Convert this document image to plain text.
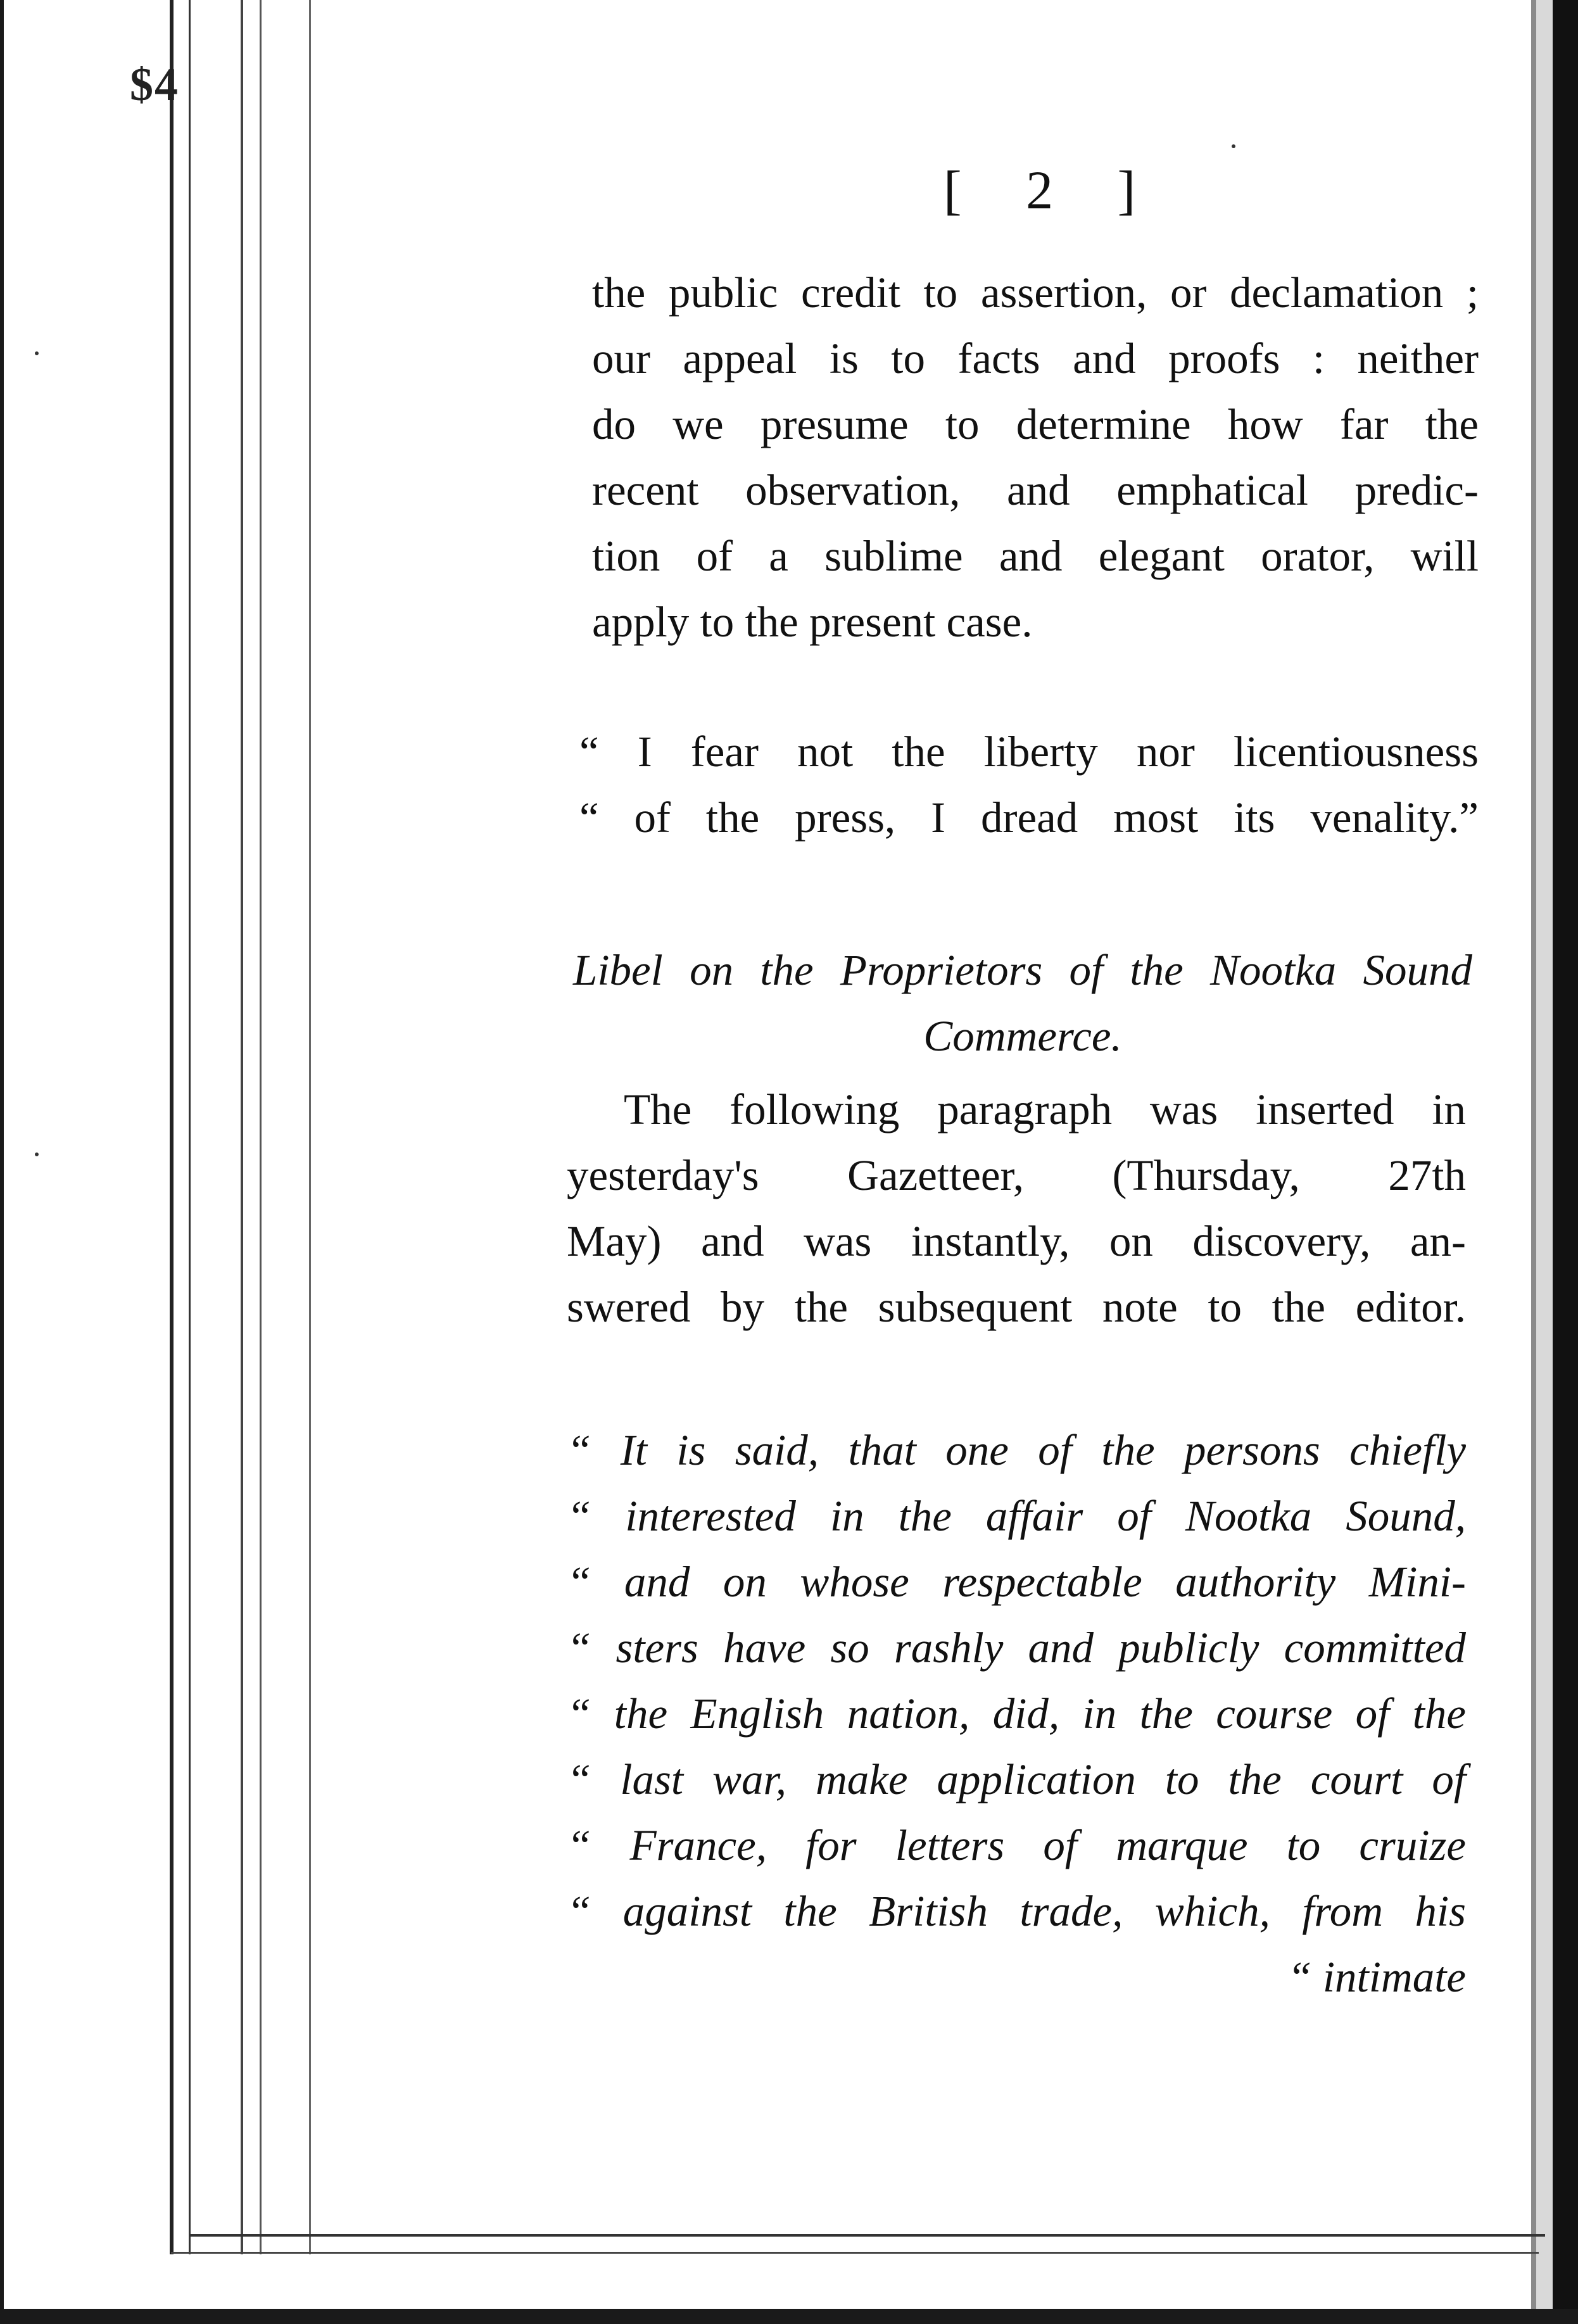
$4
[ 2 ]
the public credit to assertion, or declamation ;
our appeal is to facts and proofs : neither
do we presume to determine how far the
recent observation, and emphatical predic-
tion of a sublime and elegant orator, will
apply to the present case.
“ I fear not the liberty nor licentiousness
“ of the press, I dread most its venality.”
Libel on the Proprietors of the Nootka Sound
Commerce.
The following paragraph was inserted in
yesterday's Gazetteer, (Thursday, 27th
May) and was instantly, on discovery, an-
swered by the subsequent note to the editor.
“ It is said, that one of the persons chiefly
“ interested in the affair of Nootka Sound,
“ and on whose respectable authority Mini-
“ sters have so rashly and publicly committed
“ the English nation, did, in the course of the
“ last war, make application to the court of
“ France, for letters of marque to cruize
“ against the British trade, which, from his
“ intimate
